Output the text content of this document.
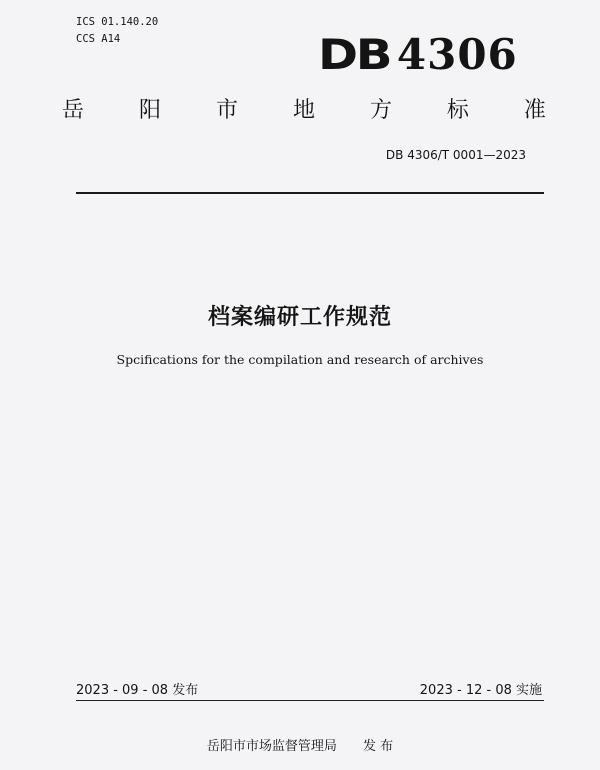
ICS 01.140.20
CCS A14	DB 4306
岳 阳 市 地 方 标 准
DB 4306/T 0001—2023
档案编研工作规范
Spcifications for the compilation and research of archives
2023 - 09 - 08 发布	2023 - 12 - 08 实施
岳阳市市场监督管理局 发 布
